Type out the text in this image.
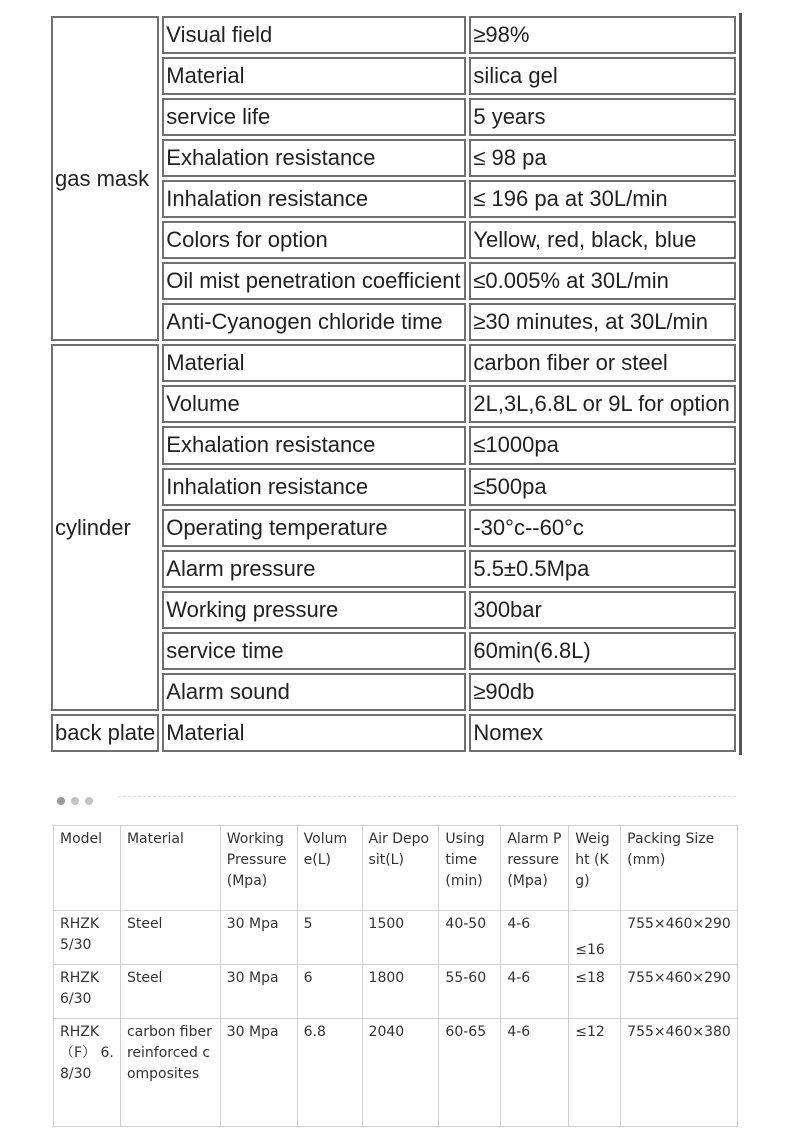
gas mask	Visual field	≥98%
	Material	silica gel
	service life	5 years
	Exhalation resistance	≤ 98 pa
	Inhalation resistance	≤ 196 pa at 30L/min
	Colors for option	Yellow, red, black, blue
	Oil mist penetration coefficient	≤0.005% at 30L/min
	Anti-Cyanogen chloride time	≥30 minutes, at 30L/min
cylinder	Material	carbon fiber or steel
	Volume	2L,3L,6.8L or 9L for option
	Exhalation resistance	≤1000pa
	Inhalation resistance	≤500pa
	Operating temperature	-30°c--60°c
	Alarm pressure	5.5±0.5Mpa
	Working pressure	300bar
	service time	60min(6.8L)
	Alarm sound	≥90db
back plate	Material	Nomex
Model	Material	Working Pressure (Mpa)	Volume(L)	Air Deposit(L)	Using time(min)	Alarm Pressure (Mpa)	Weight (Kg)	Packing Size(mm)
RHZK 5/30	Steel	30 Mpa	5	1500	40-50	4-6	≤16	755×460×290
RHZK 6/30	Steel	30 Mpa	6	1800	55-60	4-6	≤18	755×460×290
RHZK （F） 6.8/30	carbon fiber reinforced composites	30 Mpa	6.8	2040	60-65	4-6	≤12	755×460×380
